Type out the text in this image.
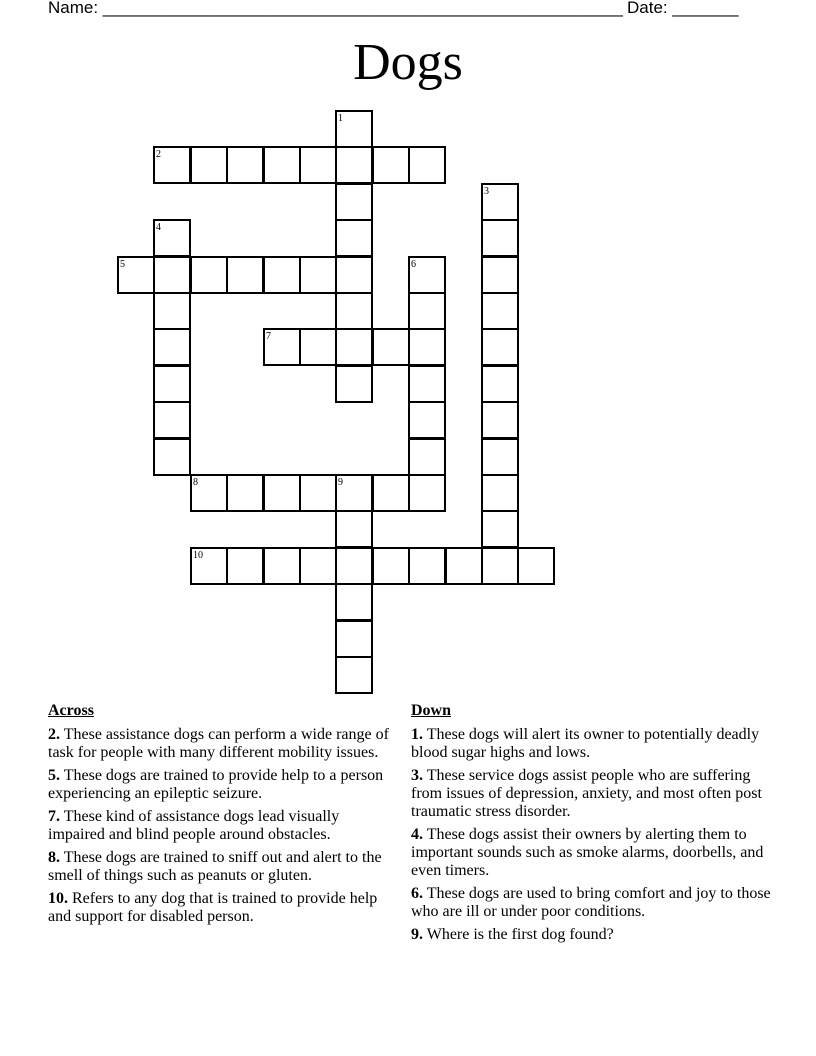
Name: _______________________________________________________ Date: _______
Dogs
1
2
3
4
5	6
7
8	9
10
Across
2. These assistance dogs can perform a wide range of task for people with many different mobility issues.
5. These dogs are trained to provide help to a person experiencing an epileptic seizure.
7. These kind of assistance dogs lead visually impaired and blind people around obstacles.
8. These dogs are trained to sniff out and alert to the smell of things such as peanuts or gluten.
10. Refers to any dog that is trained to provide help and support for disabled person.
Down
1. These dogs will alert its owner to potentially deadly blood sugar highs and lows.
3. These service dogs assist people who are suffering from issues of depression, anxiety, and most often post traumatic stress disorder.
4. These dogs assist their owners by alerting them to important sounds such as smoke alarms, doorbells, and even timers.
6. These dogs are used to bring comfort and joy to those who are ill or under poor conditions.
9. Where is the first dog found?
